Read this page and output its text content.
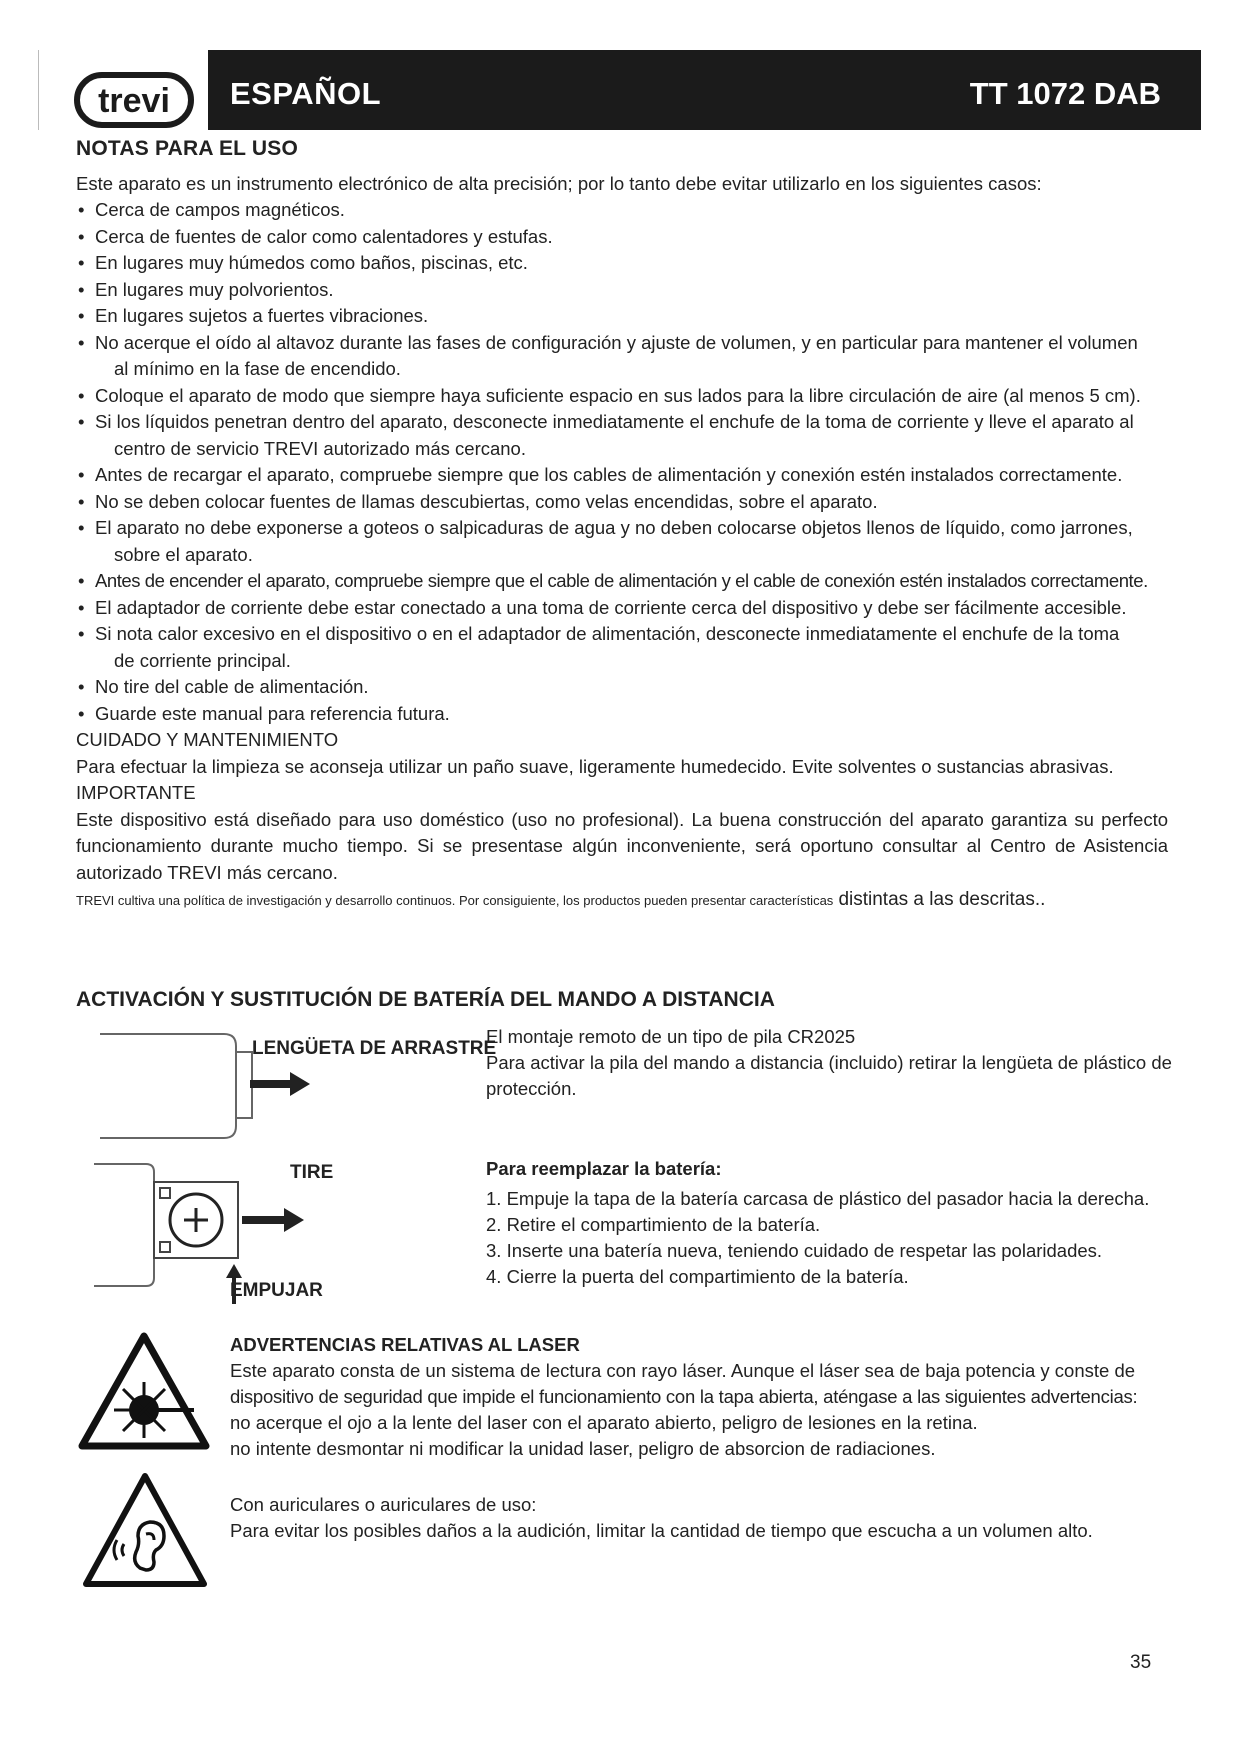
trevi ESPAÑOL	TT 1072 DAB
NOTAS PARA EL USO

Este aparato es un instrumento electrónico de alta precisión; por lo tanto debe evitar utilizarlo en los siguientes casos:

• Cerca de campos magnéticos.
• Cerca de fuentes de calor como calentadores y estufas.
• En lugares muy húmedos como baños, piscinas, etc.
• En lugares muy polvorientos.
• En lugares sujetos a fuertes vibraciones.
• No acerque el oído al altavoz durante las fases de configuración y ajuste de volumen, y en particular para mantener el volumen
al mínimo en la fase de encendido.
• Coloque el aparato de modo que siempre haya suficiente espacio en sus lados para la libre circulación de aire (al menos 5 cm).
• Si los líquidos penetran dentro del aparato, desconecte inmediatamente el enchufe de la toma de corriente y lleve el aparato al
centro de servicio TREVI autorizado más cercano.
• Antes de recargar el aparato, compruebe siempre que los cables de alimentación y conexión estén instalados correctamente.
• No se deben colocar fuentes de llamas descubiertas, como velas encendidas, sobre el aparato.
• El aparato no debe exponerse a goteos o salpicaduras de agua y no deben colocarse objetos llenos de líquido, como jarrones,
sobre el aparato.
• Antes de encender el aparato, compruebe siempre que el cable de alimentación y el cable de conexión estén instalados correctamente.
• El adaptador de corriente debe estar conectado a una toma de corriente cerca del dispositivo y debe ser fácilmente accesible.
• Si nota calor excesivo en el dispositivo o en el adaptador de alimentación, desconecte inmediatamente el enchufe de la toma
de corriente principal.
• No tire del cable de alimentación.
• Guarde este manual para referencia futura.

CUIDADO Y MANTENIMIENTO

Para efectuar la limpieza se aconseja utilizar un paño suave, ligeramente humedecido. Evite solventes o sustancias abrasivas.

IMPORTANTE

Este dispositivo está diseñado para uso doméstico (uso no profesional). La buena construcción del aparato garantiza su perfecto funcionamiento durante mucho tiempo. Si se presentase algún inconveniente, será oportuno consultar al Centro de Asistencia autorizado TREVI más cercano.

TREVI cultiva una política de investigación y desarrollo continuos. Por consiguiente, los productos pueden presentar características distintas a las descritas..

ACTIVACIÓN Y SUSTITUCIÓN DE BATERÍA DEL MANDO A DISTANCIA
LENGÜETA DE ARRASTRE
TIRE
EMPUJAR
El montaje remoto de un tipo de pila CR2025
Para activar la pila del mando a distancia (incluido) retirar la lengüeta de plástico de protección.
Para reemplazar la batería:
1. Empuje la tapa de la batería carcasa de plástico del pasador hacia la derecha.
2. Retire el compartimiento de la batería.
3. Inserte una batería nueva, teniendo cuidado de respetar las polaridades.
4. Cierre la puerta del compartimiento de la batería.
ADVERTENCIAS RELATIVAS AL LASER
Este aparato consta de un sistema de lectura con rayo láser. Aunque el láser sea de baja potencia y conste de
dispositivo de seguridad que impide el funcionamiento con la tapa abierta, aténgase a las siguientes advertencias:
no acerque el ojo a la lente del laser con el aparato abierto, peligro de lesiones en la retina.
no intente desmontar ni modificar la unidad laser, peligro de absorcion de radiaciones.
Con auriculares o auriculares de uso:
Para evitar los posibles daños a la audición, limitar la cantidad de tiempo que escucha a un volumen alto.
35
